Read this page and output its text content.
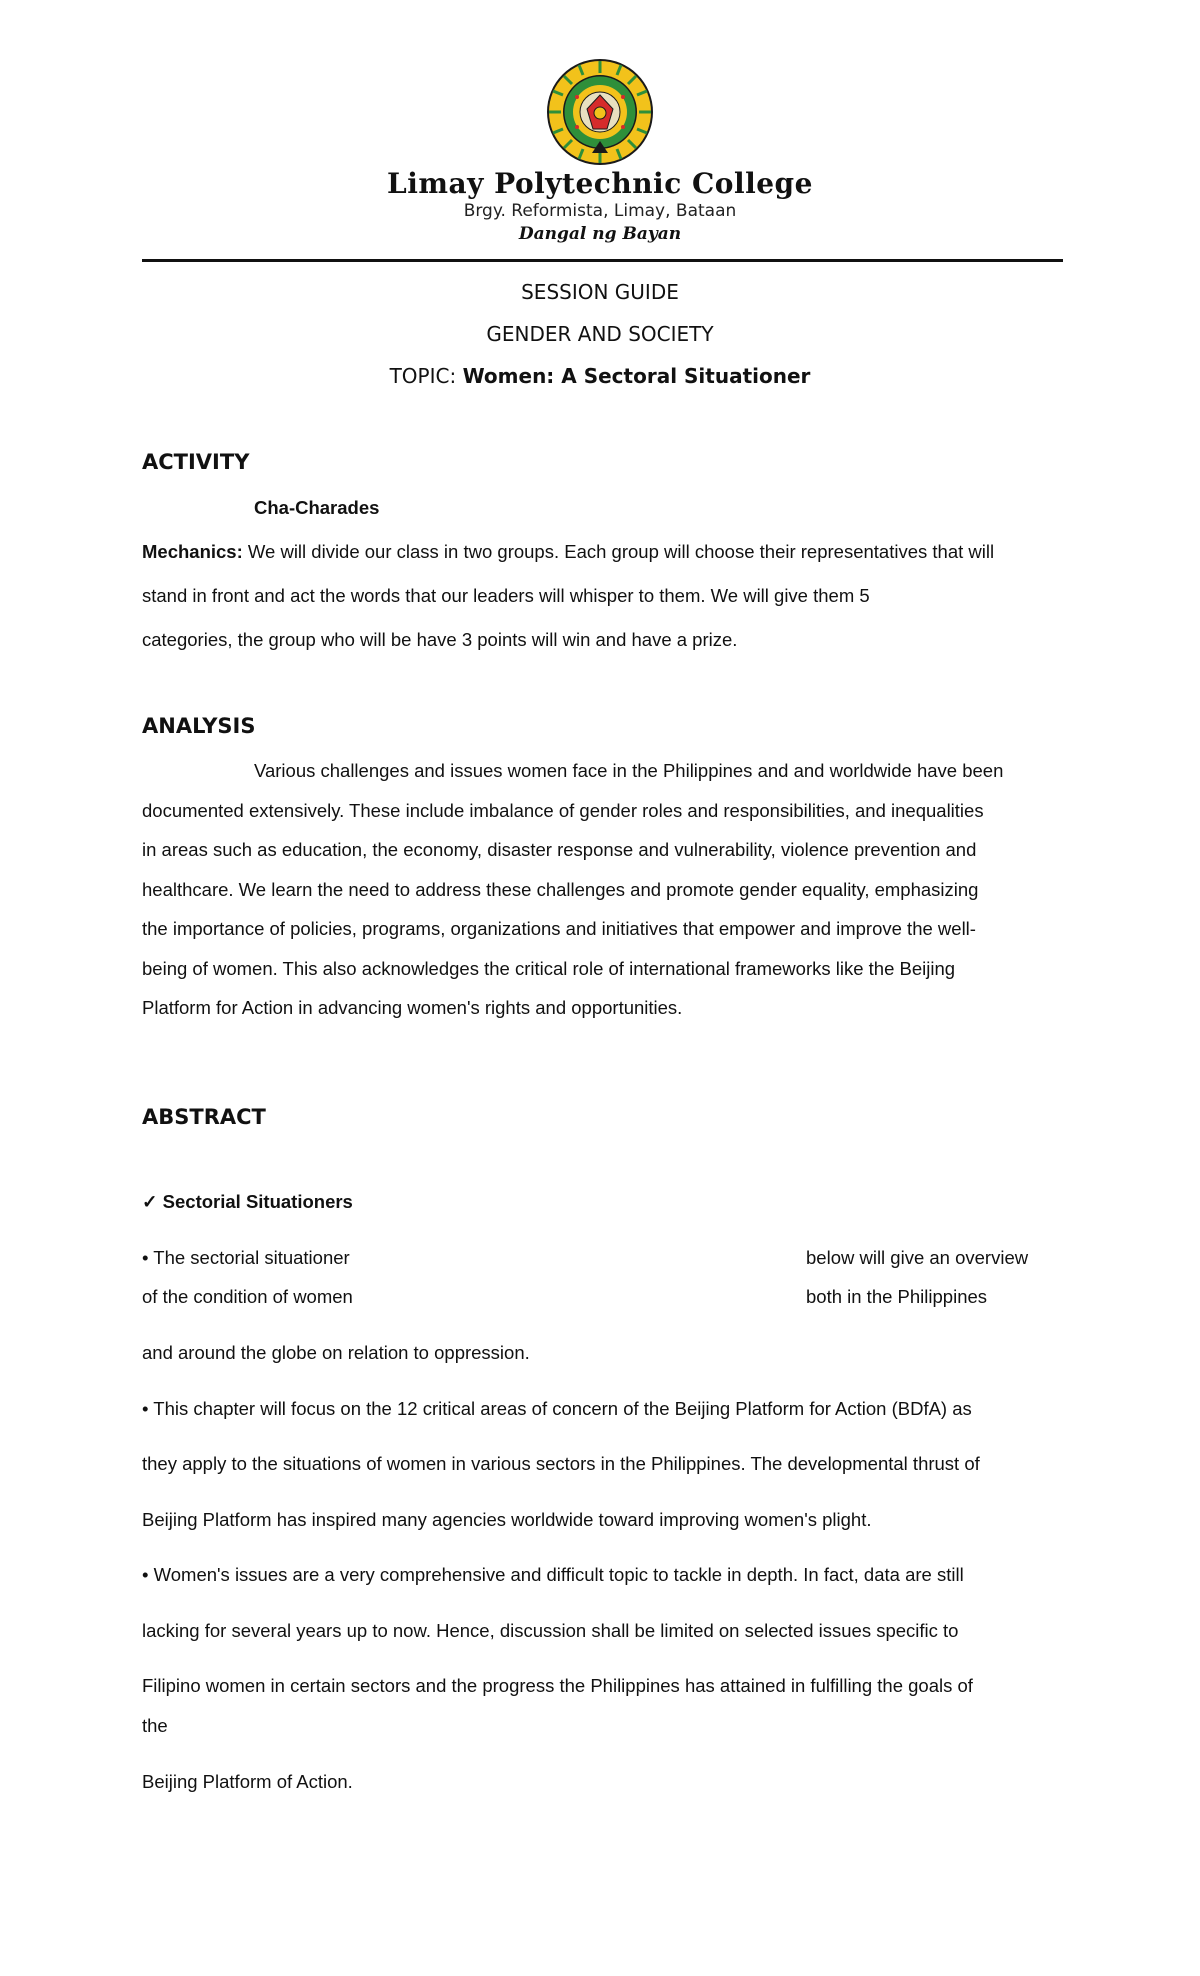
Limay Polytechnic College
Brgy. Reformista, Limay, Bataan
Dangal ng Bayan
SESSION GUIDE
GENDER AND SOCIETY
TOPIC: Women: A Sectoral Situationer
ACTIVITY
Cha-Charades
Mechanics: We will divide our class in two groups. Each group will choose their representatives that will
stand in front and act the words that our leaders will whisper to them. We will give them 5
categories, the group who will be have 3 points will win and have a prize.
ANALYSIS
Various challenges and issues women face in the Philippines and and worldwide have been
documented extensively. These include imbalance of gender roles and responsibilities, and inequalities
in areas such as education, the economy, disaster response and vulnerability, violence prevention and
healthcare. We learn the need to address these challenges and promote gender equality, emphasizing
the importance of policies, programs, organizations and initiatives that empower and improve the well-
being of women. This also acknowledges the critical role of international frameworks like the Beijing
Platform for Action in advancing women's rights and opportunities.
ABSTRACT
✓ Sectorial Situationers
• The sectorial situationer	below will give an overview
of the condition of women	both in the Philippines
and around the globe on relation to oppression.
• This chapter will focus on the 12 critical areas of concern of the Beijing Platform for Action (BDfA) as
they apply to the situations of women in various sectors in the Philippines. The developmental thrust of
Beijing Platform has inspired many agencies worldwide toward improving women's plight.
• Women's issues are a very comprehensive and difficult topic to tackle in depth. In fact, data are still
lacking for several years up to now. Hence, discussion shall be limited on selected issues specific to
Filipino women in certain sectors and the progress the Philippines has attained in fulfilling the goals of
the
Beijing Platform of Action.
